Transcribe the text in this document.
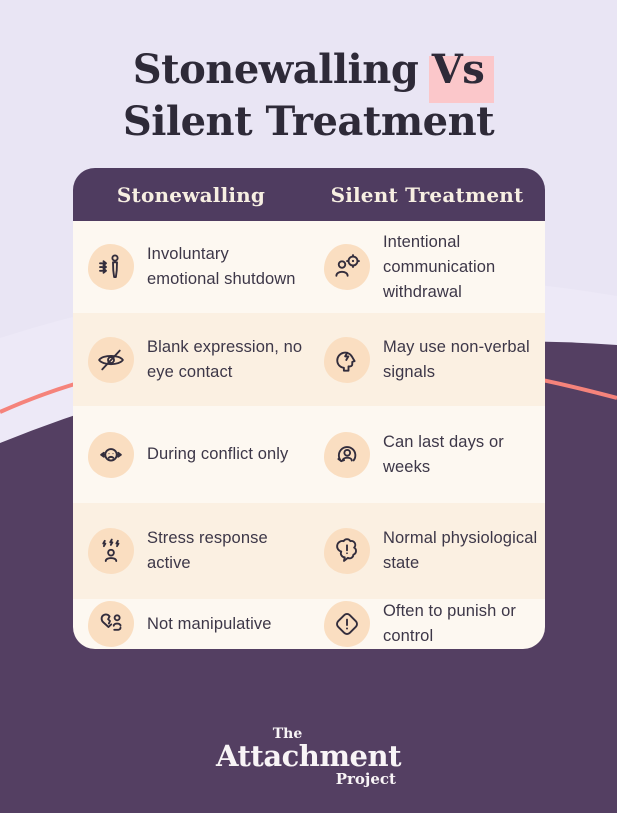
Stonewalling Vs
Silent Treatment
Stonewalling	Silent Treatment
Involuntary emotional shutdown
Intentional communication withdrawal
Blank expression, no eye contact
May use non-verbal signals
During conflict only
Can last days or weeks
Stress response active
Normal physiological state
Not manipulative
Often to punish or control
The
Attachment
Project
